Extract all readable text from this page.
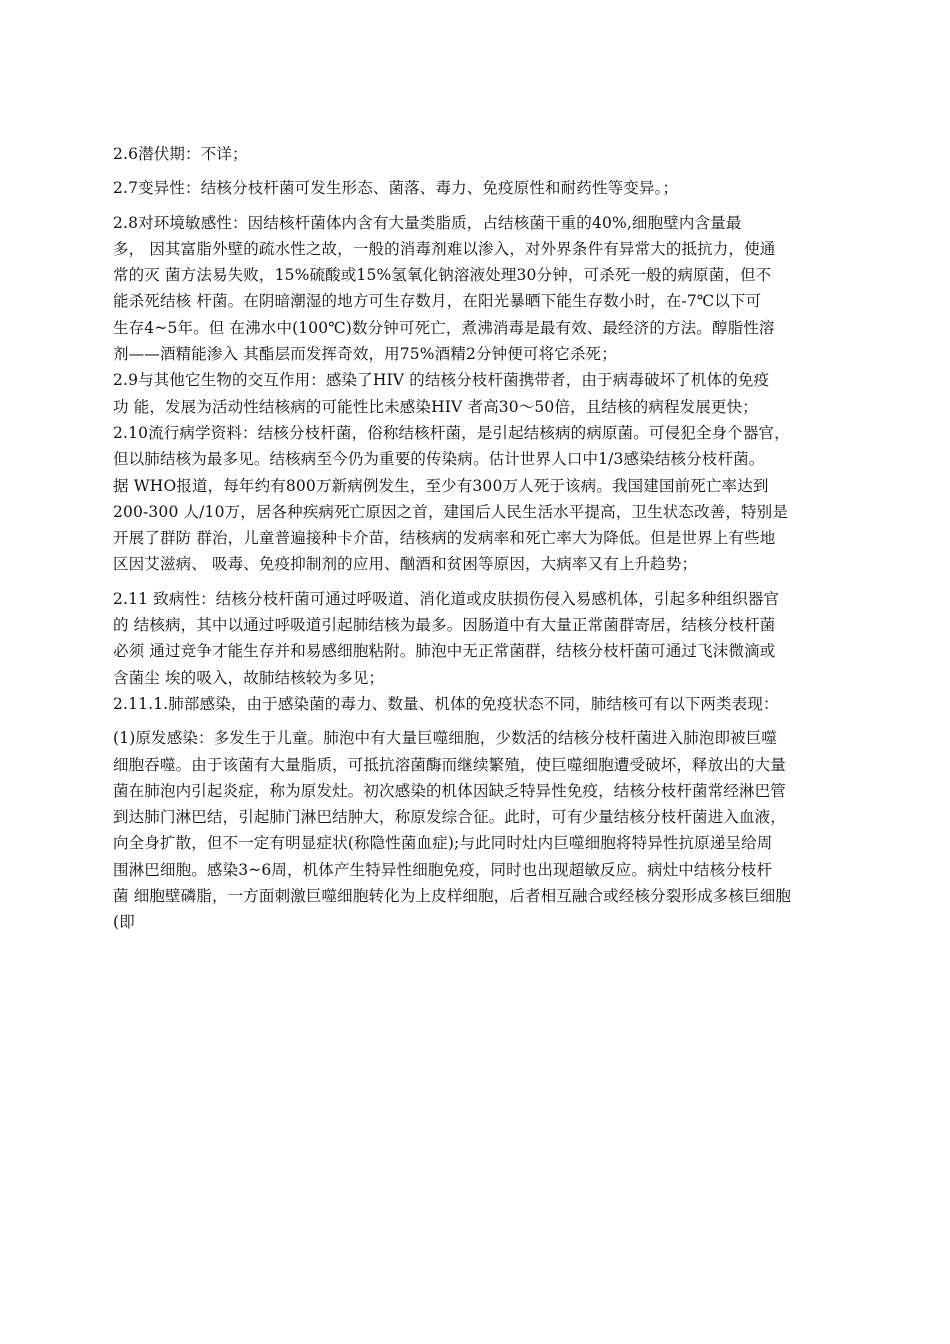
2.6潜伏期：不详；
2.7变异性：结核分枝杆菌可发生形态、菌落、毒力、免疫原性和耐药性等变异。；
2.8对环境敏感性：因结核杆菌体内含有大量类脂质，占结核菌干重的40%,细胞壁内含量最
多， 因其富脂外壁的疏水性之故，一般的消毒剂难以渗入，对外界条件有异常大的抵抗力，使通
常的灭 菌方法易失败，15%硫酸或15%氢氧化钠溶液处理30分钟，可杀死一般的病原菌，但不
能杀死结核 杆菌。在阴暗潮湿的地方可生存数月，在阳光暴晒下能生存数小时，在-7℃以下可
生存4~5年。但 在沸水中(100℃)数分钟可死亡，煮沸消毒是最有效、最经济的方法。醇脂性溶
剂——酒精能渗入 其酯层而发挥奇效，用75%酒精2分钟便可将它杀死；
2.9与其他它生物的交互作用：感染了HIV 的结核分枝杆菌携带者，由于病毒破坏了机体的免疫
功 能，发展为活动性结核病的可能性比未感染HIV 者高30～50倍，且结核的病程发展更快；
2.10流行病学资料：结核分枝杆菌，俗称结核杆菌，是引起结核病的病原菌。可侵犯全身个器官，
但以肺结核为最多见。结核病至今仍为重要的传染病。估计世界人口中1/3感染结核分枝杆菌。
据 WHO报道，每年约有800万新病例发生，至少有300万人死于该病。我国建国前死亡率达到
200-300 人/10万，居各种疾病死亡原因之首，建国后人民生活水平提高，卫生状态改善，特别是
开展了群防 群治，儿童普遍接种卡介苗，结核病的发病率和死亡率大为降低。但是世界上有些地
区因艾滋病、 吸毒、免疫抑制剂的应用、酗酒和贫困等原因，大病率又有上升趋势；
2.11 致病性：结核分枝杆菌可通过呼吸道、消化道或皮肤损伤侵入易感机体，引起多种组织器官
的 结核病，其中以通过呼吸道引起肺结核为最多。因肠道中有大量正常菌群寄居，结核分枝杆菌
必须 通过竞争才能生存并和易感细胞粘附。肺泡中无正常菌群，结核分枝杆菌可通过飞沫微滴或
含菌尘 埃的吸入，故肺结核较为多见；
2.11.1.肺部感染，由于感染菌的毒力、数量、机体的免疫状态不同，肺结核可有以下两类表现：
(1)原发感染：多发生于儿童。肺泡中有大量巨噬细胞，少数活的结核分枝杆菌进入肺泡即被巨噬
细胞吞噬。由于该菌有大量脂质，可抵抗溶菌酶而继续繁殖，使巨噬细胞遭受破坏，释放出的大量
菌在肺泡内引起炎症，称为原发灶。初次感染的机体因缺乏特异性免疫，结核分枝杆菌常经淋巴管
到达肺门淋巴结，引起肺门淋巴结肿大，称原发综合征。此时，可有少量结核分枝杆菌进入血液，
向全身扩散，但不一定有明显症状(称隐性菌血症);与此同时灶内巨噬细胞将特异性抗原递呈给周
围淋巴细胞。感染3~6周，机体产生特异性细胞免疫，同时也出现超敏反应。病灶中结核分枝杆
菌 细胞壁磷脂，一方面刺激巨噬细胞转化为上皮样细胞，后者相互融合或经核分裂形成多核巨细胞
(即
